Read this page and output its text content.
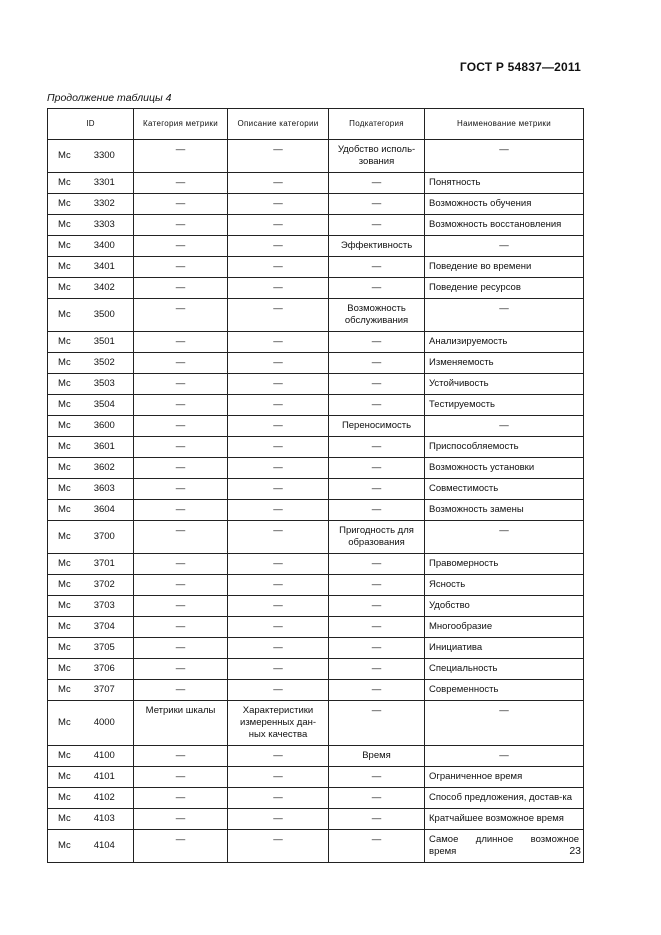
ГОСТ Р 54837—2011
Продолжение таблицы 4
ID		Категория метрики	Описание категории	Подкатегория	Наименование метрики
Мс	3300	—	—	Удобство исполь-зования	—
Мс	3301	—	—	—	Понятность
Мс	3302	—	—	—	Возможность обучения
Мс	3303	—	—	—	Возможность восстановления
Мс	3400	—	—	Эффективность	—
Мс	3401	—	—	—	Поведение во времени
Мс	3402	—	—	—	Поведение ресурсов
Мс	3500	—	—	Возможность обслуживания	—
Мс	3501	—	—	—	Анализируемость
Мс	3502	—	—	—	Изменяемость
Мс	3503	—	—	—	Устойчивость
Мс	3504	—	—	—	Тестируемость
Мс	3600	—	—	Переносимость	—
Мс	3601	—	—	—	Приспособляемость
Мс	3602	—	—	—	Возможность установки
Мс	3603	—	—	—	Совместимость
Мс	3604	—	—	—	Возможность замены
Мс	3700	—	—	Пригодность для образования	—
Мс	3701	—	—	—	Правомерность
Мс	3702	—	—	—	Ясность
Мс	3703	—	—	—	Удобство
Мс	3704	—	—	—	Многообразие
Мс	3705	—	—	—	Инициатива
Мс	3706	—	—	—	Специальность
Мс	3707	—	—	—	Современность
Мс	4000	Метрики шкалы	Характеристики измеренных дан-ных качества	—	—
Мс	4100	—	—	Время	—
Мс	4101	—	—	—	Ограниченное время
Мс	4102	—	—	—	Способ предложения, достав-ка
Мс	4103	—	—	—	Кратчайшее возможное время
Мс	4104	—	—	—	Самое длинное возможное время	23
